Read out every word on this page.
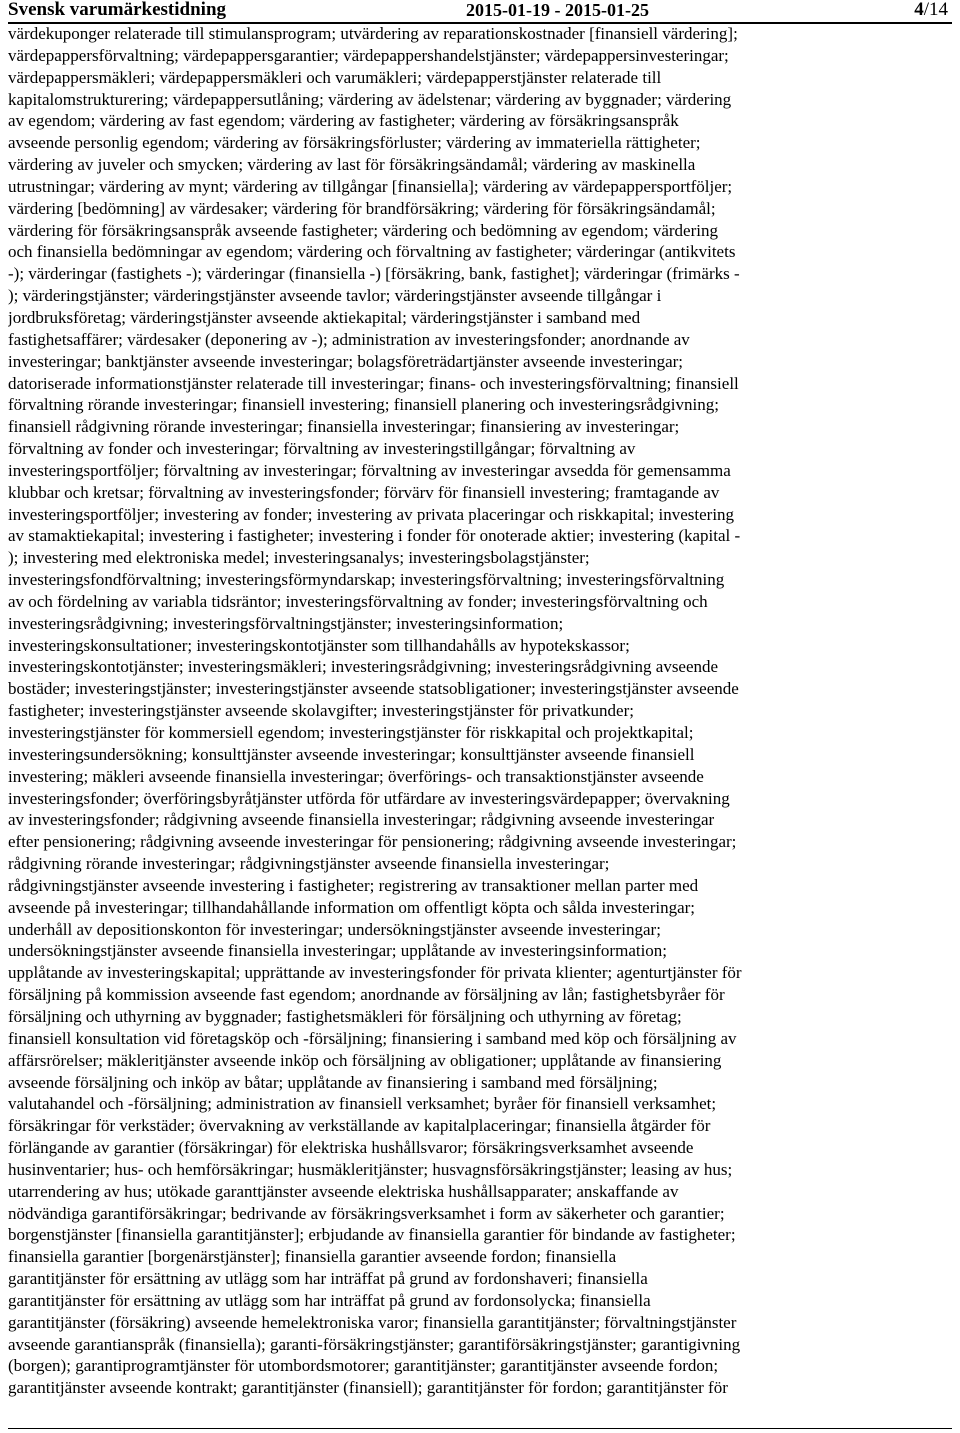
Svensk varumärkestidning	2015-01-19 - 2015-01-25	4/14
värdekuponger relaterade till stimulansprogram; utvärdering av reparationskostnader [finansiell värdering];
värdepappersförvaltning; värdepappersgarantier; värdepappershandelstjänster; värdepappersinvesteringar;
värdepappersmäkleri; värdepappersmäkleri och varumäkleri; värdepapperstjänster relaterade till
kapitalomstrukturering; värdepappersutlåning; värdering av ädelstenar; värdering av byggnader; värdering
av egendom; värdering av fast egendom; värdering av fastigheter; värdering av försäkringsanspråk
avseende personlig egendom; värdering av försäkringsförluster; värdering av immateriella rättigheter;
värdering av juveler och smycken; värdering av last för försäkringsändamål; värdering av maskinella
utrustningar; värdering av mynt; värdering av tillgångar [finansiella]; värdering av värdepappersportföljer;
värdering [bedömning] av värdesaker; värdering för brandförsäkring; värdering för försäkringsändamål;
värdering för försäkringsanspråk avseende fastigheter; värdering och bedömning av egendom; värdering
och finansiella bedömningar av egendom; värdering och förvaltning av fastigheter; värderingar (antikvitets
-); värderingar (fastighets -); värderingar (finansiella -) [försäkring, bank, fastighet]; värderingar (frimärks -
); värderingstjänster; värderingstjänster avseende tavlor; värderingstjänster avseende tillgångar i
jordbruksföretag; värderingstjänster avseende aktiekapital; värderingstjänster i samband med
fastighetsaffärer; värdesaker (deponering av -); administration av investeringsfonder; anordnande av
investeringar; banktjänster avseende investeringar; bolagsföreträdartjänster avseende investeringar;
datoriserade informationstjänster relaterade till investeringar; finans- och investeringsförvaltning; finansiell
förvaltning rörande investeringar; finansiell investering; finansiell planering och investeringsrådgivning;
finansiell rådgivning rörande investeringar; finansiella investeringar; finansiering av investeringar;
förvaltning av fonder och investeringar; förvaltning av investeringstillgångar; förvaltning av
investeringsportföljer; förvaltning av investeringar; förvaltning av investeringar avsedda för gemensamma
klubbar och kretsar; förvaltning av investeringsfonder; förvärv för finansiell investering; framtagande av
investeringsportföljer; investering av fonder; investering av privata placeringar och riskkapital; investering
av stamaktiekapital; investering i fastigheter; investering i fonder för onoterade aktier; investering (kapital -
); investering med elektroniska medel; investeringsanalys; investeringsbolagstjänster;
investeringsfondförvaltning; investeringsförmyndarskap; investeringsförvaltning; investeringsförvaltning
av och fördelning av variabla tidsräntor; investeringsförvaltning av fonder; investeringsförvaltning och
investeringsrådgivning; investeringsförvaltningstjänster; investeringsinformation;
investeringskonsultationer; investeringskontotjänster som tillhandahålls av hypotekskassor;
investeringskontotjänster; investeringsmäkleri; investeringsrådgivning; investeringsrådgivning avseende
bostäder; investeringstjänster; investeringstjänster avseende statsobligationer; investeringstjänster avseende
fastigheter; investeringstjänster avseende skolavgifter; investeringstjänster för privatkunder;
investeringstjänster för kommersiell egendom; investeringstjänster för riskkapital och projektkapital;
investeringsundersökning; konsulttjänster avseende investeringar; konsulttjänster avseende finansiell
investering; mäkleri avseende finansiella investeringar; överförings- och transaktionstjänster avseende
investeringsfonder; överföringsbyråtjänster utförda för utfärdare av investeringsvärdepapper; övervakning
av investeringsfonder; rådgivning avseende finansiella investeringar; rådgivning avseende investeringar
efter pensionering; rådgivning avseende investeringar för pensionering; rådgivning avseende investeringar;
rådgivning rörande investeringar; rådgivningstjänster avseende finansiella investeringar;
rådgivningstjänster avseende investering i fastigheter; registrering av transaktioner mellan parter med
avseende på investeringar; tillhandahållande information om offentligt köpta och sålda investeringar;
underhåll av depositionskonton för investeringar; undersökningstjänster avseende investeringar;
undersökningstjänster avseende finansiella investeringar; upplåtande av investeringsinformation;
upplåtande av investeringskapital; upprättande av investeringsfonder för privata klienter; agenturtjänster för
försäljning på kommission avseende fast egendom; anordnande av försäljning av lån; fastighetsbyråer för
försäljning och uthyrning av byggnader; fastighetsmäkleri för försäljning och uthyrning av företag;
finansiell konsultation vid företagsköp och -försäljning; finansiering i samband med köp och försäljning av
affärsrörelser; mäkleritjänster avseende inköp och försäljning av obligationer; upplåtande av finansiering
avseende försäljning och inköp av båtar; upplåtande av finansiering i samband med försäljning;
valutahandel och -försäljning; administration av finansiell verksamhet; byråer för finansiell verksamhet;
försäkringar för verkstäder; övervakning av verkställande av kapitalplaceringar; finansiella åtgärder för
förlängande av garantier (försäkringar) för elektriska hushållsvaror; försäkringsverksamhet avseende
husinventarier; hus- och hemförsäkringar; husmäkleritjänster; husvagnsförsäkringstjänster; leasing av hus;
utarrendering av hus; utökade garanttjänster avseende elektriska hushållsapparater; anskaffande av
nödvändiga garantiförsäkringar; bedrivande av försäkringsverksamhet i form av säkerheter och garantier;
borgenstjänster [finansiella garantitjänster]; erbjudande av finansiella garantier för bindande av fastigheter;
finansiella garantier [borgenärstjänster]; finansiella garantier avseende fordon; finansiella
garantitjänster för ersättning av utlägg som har inträffat på grund av fordonshaveri; finansiella
garantitjänster för ersättning av utlägg som har inträffat på grund av fordonsolycka; finansiella
garantitjänster (försäkring) avseende hemelektroniska varor; finansiella garantitjänster; förvaltningstjänster
avseende garantianspråk (finansiella); garanti-försäkringstjänster; garantiförsäkringstjänster; garantigivning
(borgen); garantiprogramtjänster för utombordsmotorer; garantitjänster; garantitjänster avseende fordon;
garantitjänster avseende kontrakt; garantitjänster (finansiell); garantitjänster för fordon; garantitjänster för
